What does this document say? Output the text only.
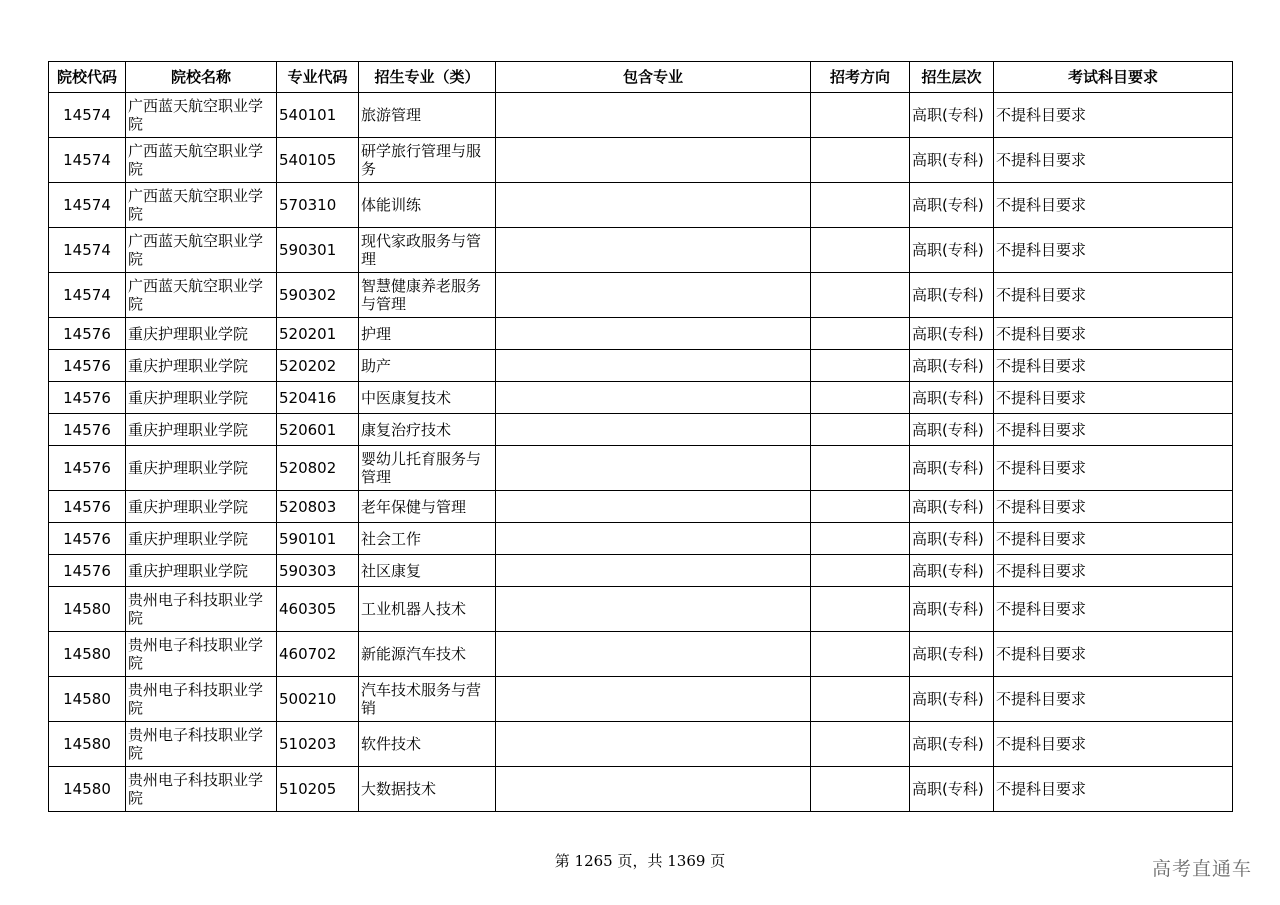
院校代码	院校名称	专业代码	招生专业（类）	包含专业	招考方向	招生层次	考试科目要求
14574	广西蓝天航空职业学院	540101	旅游管理			高职(专科)	不提科目要求
14574	广西蓝天航空职业学院	540105	研学旅行管理与服务			高职(专科)	不提科目要求
14574	广西蓝天航空职业学院	570310	体能训练			高职(专科)	不提科目要求
14574	广西蓝天航空职业学院	590301	现代家政服务与管理			高职(专科)	不提科目要求
14574	广西蓝天航空职业学院	590302	智慧健康养老服务与管理			高职(专科)	不提科目要求
14576	重庆护理职业学院	520201	护理			高职(专科)	不提科目要求
14576	重庆护理职业学院	520202	助产			高职(专科)	不提科目要求
14576	重庆护理职业学院	520416	中医康复技术			高职(专科)	不提科目要求
14576	重庆护理职业学院	520601	康复治疗技术			高职(专科)	不提科目要求
14576	重庆护理职业学院	520802	婴幼儿托育服务与管理			高职(专科)	不提科目要求
14576	重庆护理职业学院	520803	老年保健与管理			高职(专科)	不提科目要求
14576	重庆护理职业学院	590101	社会工作			高职(专科)	不提科目要求
14576	重庆护理职业学院	590303	社区康复			高职(专科)	不提科目要求
14580	贵州电子科技职业学院	460305	工业机器人技术			高职(专科)	不提科目要求
14580	贵州电子科技职业学院	460702	新能源汽车技术			高职(专科)	不提科目要求
14580	贵州电子科技职业学院	500210	汽车技术服务与营销			高职(专科)	不提科目要求
14580	贵州电子科技职业学院	510203	软件技术			高职(专科)	不提科目要求
14580	贵州电子科技职业学院	510205	大数据技术			高职(专科)	不提科目要求
第 1265 页，共 1369 页	高考直通车
